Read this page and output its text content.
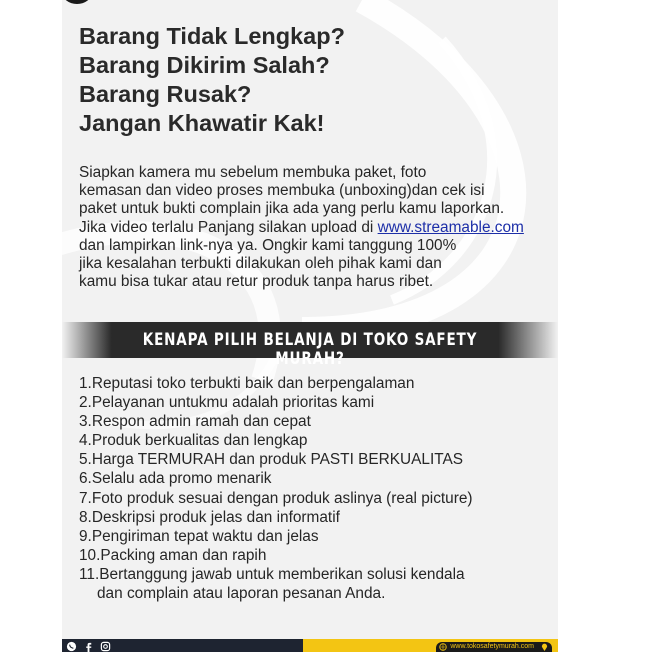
Barang Tidak Lengkap?
Barang Dikirim Salah?
Barang Rusak?
Jangan Khawatir Kak!
Siapkan kamera mu sebelum membuka paket, foto
kemasan dan video proses membuka (unboxing)dan cek isi
paket untuk bukti complain jika ada yang perlu kamu laporkan.
Jika video terlalu Panjang silakan upload di www.streamable.com
dan lampirkan link-nya ya. Ongkir kami tanggung 100%
jika kesalahan terbukti dilakukan oleh pihak kami dan
kamu bisa tukar atau retur produk tanpa harus ribet.
KENAPA PILIH BELANJA DI TOKO SAFETY MURAH?
1.Reputasi toko terbukti baik dan berpengalaman
2.Pelayanan untukmu adalah prioritas kami
3.Respon admin ramah dan cepat
4.Produk berkualitas dan lengkap
5.Harga TERMURAH dan produk PASTI BERKUALITAS
6.Selalu ada promo menarik
7.Foto produk sesuai dengan produk aslinya (real picture)
8.Deskripsi produk jelas dan informatif
9.Pengiriman tepat waktu dan jelas
10.Packing aman dan rapih
11.Bertanggung jawab untuk memberikan solusi kendala
dan complain atau laporan pesanan Anda.
www.tokosafetymurah.com
